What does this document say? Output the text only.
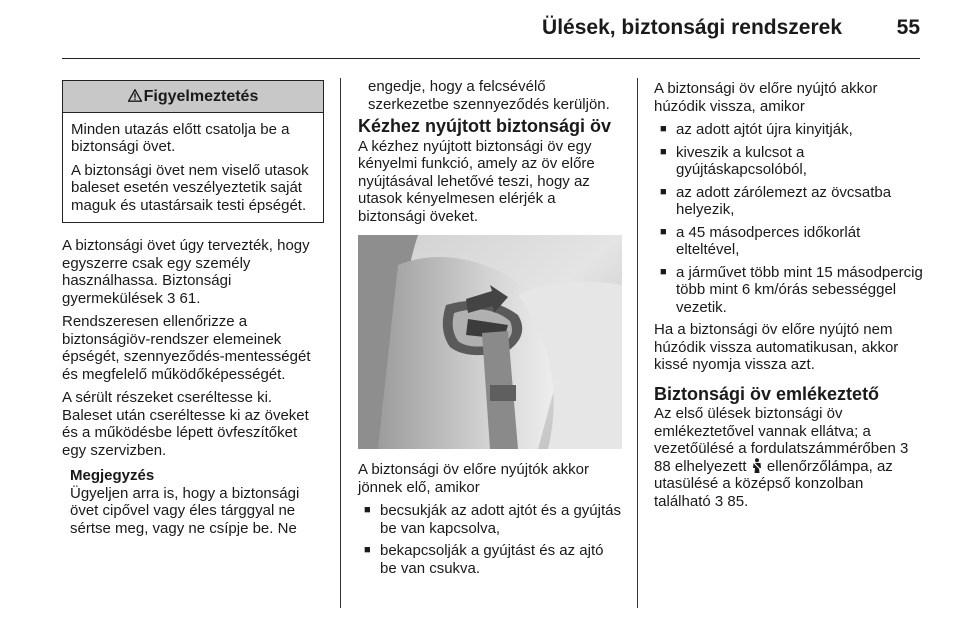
Ülések, biztonsági rendszerek	55
Figyelmeztetés

Minden utazás előtt csatolja be a biztonsági övet.

A biztonsági övet nem viselő utasok baleset esetén veszélyeztetik saját maguk és utastársaik testi épségét.

A biztonsági övet úgy tervezték, hogy egyszerre csak egy személy használhassa. Biztonsági gyermekülések 3 61.

Rendszeresen ellenőrizze a biztonságiöv-rendszer elemeinek épségét, szennyeződés-mentességét és megfelelő működőképességét.

A sérült részeket cseréltesse ki. Baleset után cseréltesse ki az öveket és a működésbe lépett övfeszítőket egy szervizben.

Megjegyzés
Ügyeljen arra is, hogy a biztonsági övet cipővel vagy éles tárggyal ne sértse meg, vagy ne csípje be. Ne
engedje, hogy a felcsévélő szerkezetbe szennyeződés kerüljön.
Kézhez nyújtott biztonsági öv

A kézhez nyújtott biztonsági öv egy kényelmi funkció, amely az öv előre nyújtásával lehetővé teszi, hogy az utasok kényelmesen elérjék a biztonsági öveket.

A biztonsági öv előre nyújtók akkor jönnek elő, amikor

■ becsukják az adott ajtót és a gyújtás be van kapcsolva,
■ bekapcsolják a gyújtást és az ajtó be van csukva.

A biztonsági öv előre nyújtó akkor húzódik vissza, amikor

■ az adott ajtót újra kinyitják,
■ kiveszik a kulcsot a gyújtáskapcsolóból,
■ az adott zárólemezt az övcsatba helyezik,
■ a 45 másodperces időkorlát elteltével,
■ a járművet több mint 15 másodpercig több mint 6 km/órás sebességgel vezetik.

Ha a biztonsági öv előre nyújtó nem húzódik vissza automatikusan, akkor kissé nyomja vissza azt.

Biztonsági öv emlékeztető

Az első ülések biztonsági öv emlékeztetővel vannak ellátva; a vezetőülésé a fordulatszámmérőben 3 88 elhelyezett  ellenőrzőlámpa, az utasülésé a középső konzolban található 3 85.
